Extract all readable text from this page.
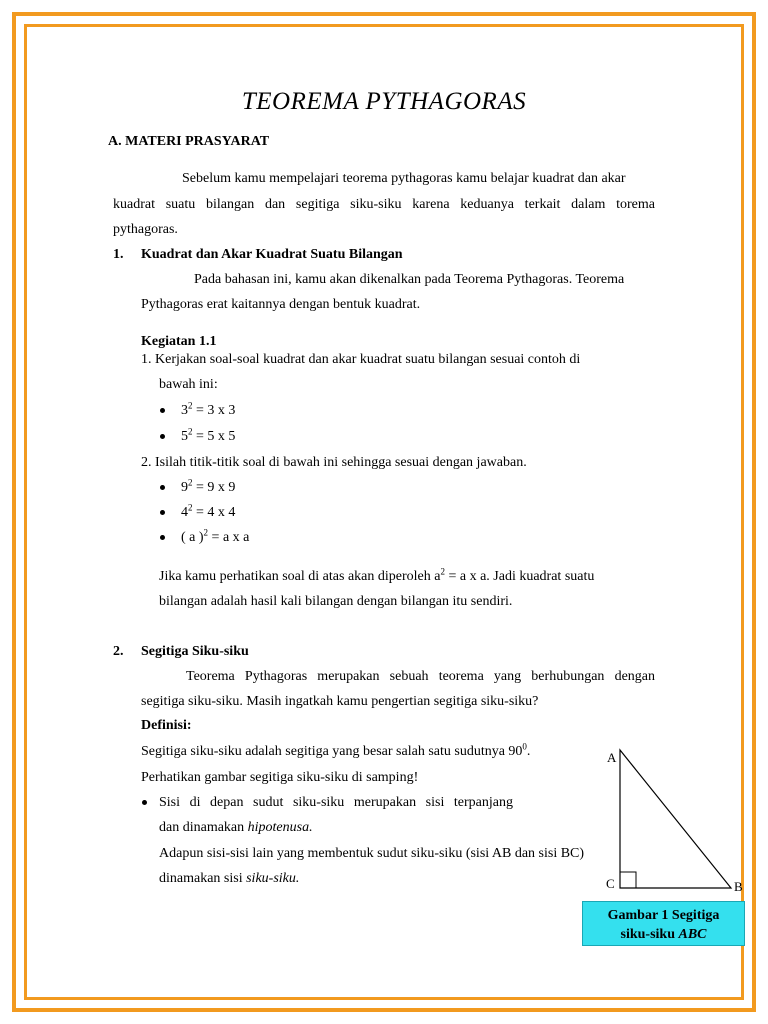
TEOREMA PYTHAGORAS
A. MATERI PRASYARAT
Sebelum kamu mempelajari teorema pythagoras kamu belajar kuadrat dan akar
kuadrat suatu bilangan dan segitiga siku-siku karena keduanya terkait dalam torema
pythagoras.
1. Kuadrat dan Akar Kuadrat Suatu Bilangan
Pada bahasan ini, kamu akan dikenalkan pada Teorema Pythagoras. Teorema
Pythagoras erat kaitannya dengan bentuk kuadrat.
Kegiatan 1.1
1. Kerjakan soal-soal kuadrat dan akar kuadrat suatu bilangan sesuai contoh di
bawah ini:
$3^2 = 3$ x 3
$5^2 = 5$ x 5
2. Isilah titik-titik soal di bawah ini sehingga sesuai dengan jawaban.
$9^2 = 9$ x 9
$4^2 = 4$ x 4
( a )$^2$ = a x a
Jika kamu perhatikan soal di atas akan diperoleh $a^2 = a$ x a. Jadi kuadrat suatu
bilangan adalah hasil kali bilangan dengan bilangan itu sendiri.
2. Segitiga Siku-siku
Teorema Pythagoras merupakan sebuah teorema yang berhubungan dengan
segitiga siku-siku. Masih ingatkah kamu pengertian segitiga siku-siku?
Definisi:
Segitiga siku-siku adalah segitiga yang besar salah satu sudutnya $90^0$.
Perhatikan gambar segitiga siku-siku di samping!
Sisi di depan sudut siku-siku merupakan sisi terpanjang
dan dinamakan hipotenusa.
Adapun sisi-sisi lain yang membentuk sudut siku-siku (sisi AB dan sisi BC)
dinamakan sisi siku-siku.
A
C	B
Gambar 1 Segitiga
siku-siku ABC
